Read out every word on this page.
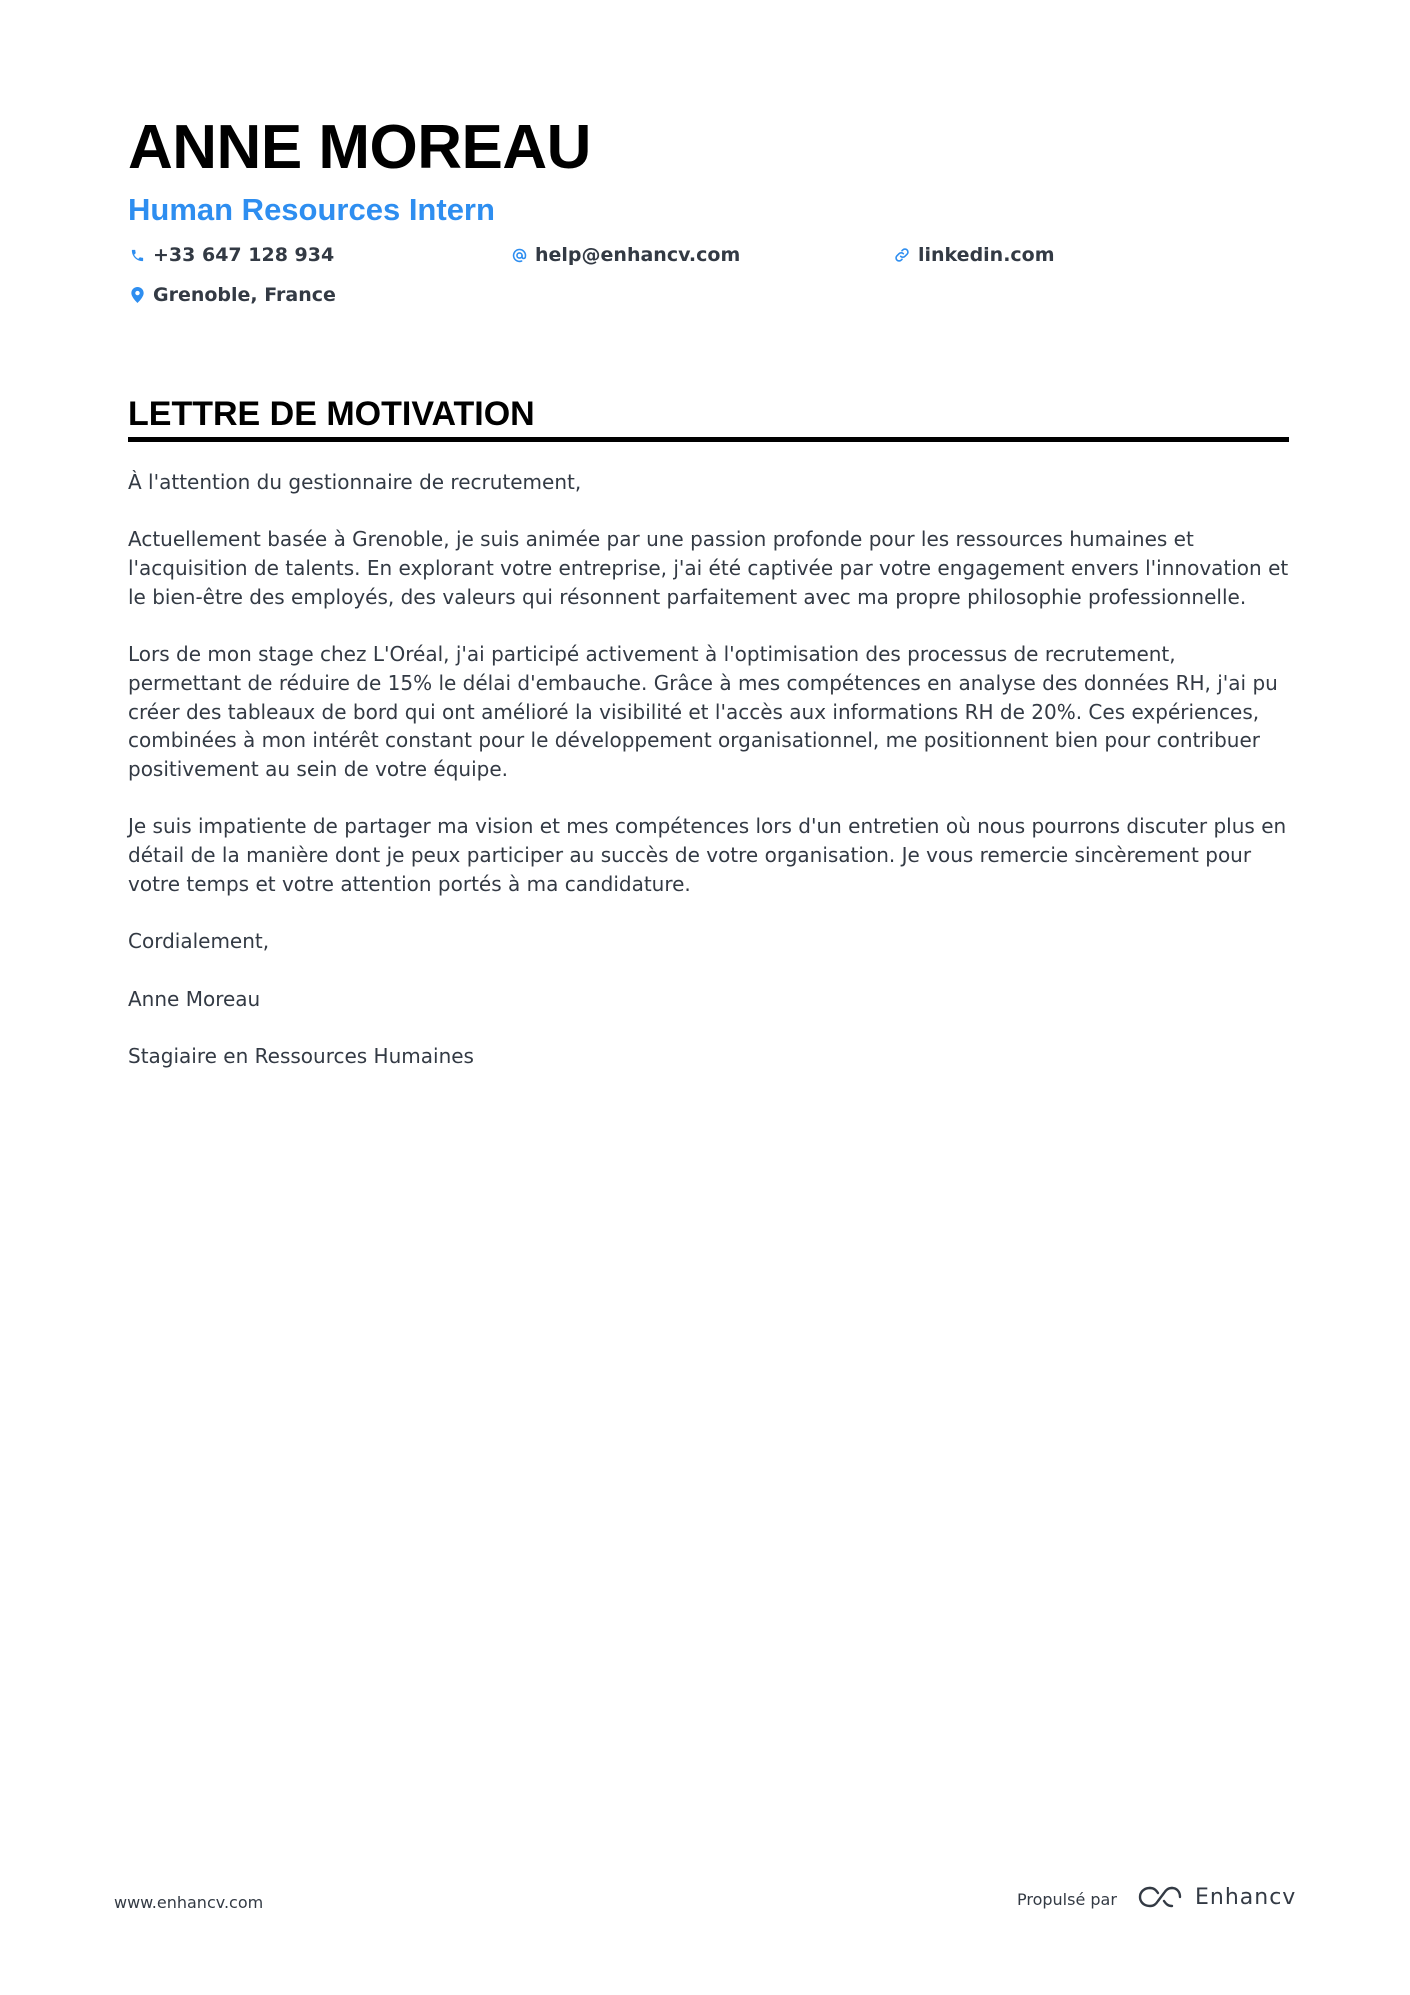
ANNE MOREAU
Human Resources Intern
+33 647 128 934	help@enhancv.com	linkedin.com
Grenoble, France
LETTRE DE MOTIVATION

À l'attention du gestionnaire de recrutement,

Actuellement basée à Grenoble, je suis animée par une passion profonde pour les ressources humaines et l'acquisition de talents. En explorant votre entreprise, j'ai été captivée par votre engagement envers l'innovation et le bien-être des employés, des valeurs qui résonnent parfaitement avec ma propre philosophie professionnelle.

Lors de mon stage chez L'Oréal, j'ai participé activement à l'optimisation des processus de recrutement, permettant de réduire de 15% le délai d'embauche. Grâce à mes compétences en analyse des données RH, j'ai pu créer des tableaux de bord qui ont amélioré la visibilité et l'accès aux informations RH de 20%. Ces expériences, combinées à mon intérêt constant pour le développement organisationnel, me positionnent bien pour contribuer positivement au sein de votre équipe.

Je suis impatiente de partager ma vision et mes compétences lors d'un entretien où nous pourrons discuter plus en détail de la manière dont je peux participer au succès de votre organisation. Je vous remercie sincèrement pour votre temps et votre attention portés à ma candidature.

Cordialement,

Anne Moreau

Stagiaire en Ressources Humaines

www.enhancv.com	Propulsé par	Enhancv
